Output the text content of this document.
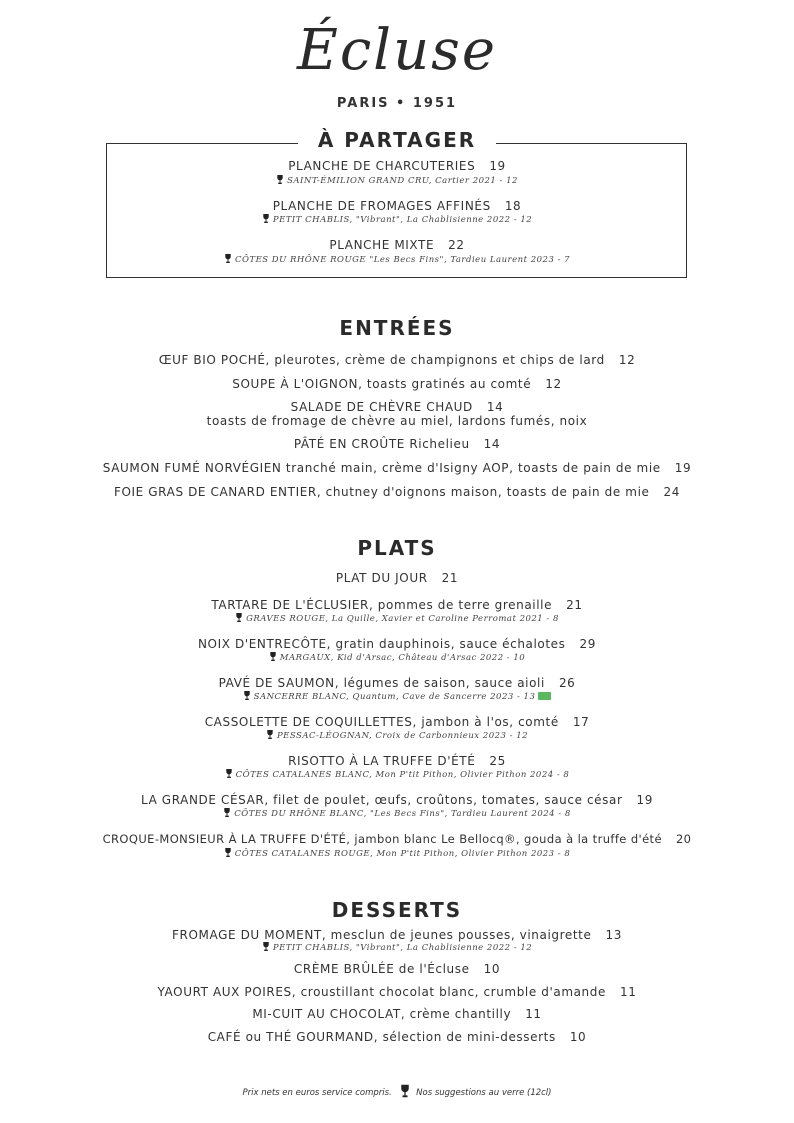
Écluse
PARIS • 1951
À PARTAGER
PLANCHE DE CHARCUTERIES 19
SAINT-ÉMILION GRAND CRU, Cartier 2021 - 12
PLANCHE DE FROMAGES AFFINÉS 18
PETIT CHABLIS, "Vibrant", La Chablisienne 2022 - 12
PLANCHE MIXTE 22
CÔTES DU RHÔNE ROUGE "Les Becs Fins", Tardieu Laurent 2023 - 7
ENTRÉES
ŒUF BIO POCHÉ, pleurotes, crème de champignons et chips de lard 12
SOUPE À L'OIGNON, toasts gratinés au comté 12
SALADE DE CHÈVRE CHAUD 14
toasts de fromage de chèvre au miel, lardons fumés, noix
PÂTÉ EN CROÛTE Richelieu 14
SAUMON FUMÉ NORVÉGIEN tranché main, crème d'Isigny AOP, toasts de pain de mie 19
FOIE GRAS DE CANARD ENTIER, chutney d'oignons maison, toasts de pain de mie 24
PLATS
PLAT DU JOUR 21
TARTARE DE L'ÉCLUSIER, pommes de terre grenaille 21
GRAVES ROUGE, La Quille, Xavier et Caroline Perromat 2021 - 8
NOIX D'ENTRECÔTE, gratin dauphinois, sauce échalotes 29
MARGAUX, Kid d'Arsac, Château d'Arsac 2022 - 10
PAVÉ DE SAUMON, légumes de saison, sauce aioli 26
SANCERRE BLANC, Quantum, Cave de Sancerre 2023 - 13
CASSOLETTE DE COQUILLETTES, jambon à l'os, comté 17
PESSAC-LÉOGNAN, Croix de Carbonnieux 2023 - 12
RISOTTO À LA TRUFFE D'ÉTÉ 25
CÔTES CATALANES BLANC, Mon P'tit Pithon, Olivier Pithon 2024 - 8
LA GRANDE CÉSAR, filet de poulet, œufs, croûtons, tomates, sauce césar 19
CÔTES DU RHÔNE BLANC, "Les Becs Fins", Tardieu Laurent 2024 - 8
CROQUE-MONSIEUR À LA TRUFFE D'ÉTÉ, jambon blanc Le Bellocq®, gouda à la truffe d'été 20
CÔTES CATALANES ROUGE, Mon P'tit Pithon, Olivier Pithon 2023 - 8
DESSERTS
FROMAGE DU MOMENT, mesclun de jeunes pousses, vinaigrette 13
PETIT CHABLIS, "Vibrant", La Chablisienne 2022 - 12
CRÈME BRÛLÉE de l'Écluse 10
YAOURT AUX POIRES, croustillant chocolat blanc, crumble d'amande 11
MI-CUIT AU CHOCOLAT, crème chantilly 11
CAFÉ ou THÉ GOURMAND, sélection de mini-desserts 10
Prix nets en euros service compris.	Nos suggestions au verre (12cl)
